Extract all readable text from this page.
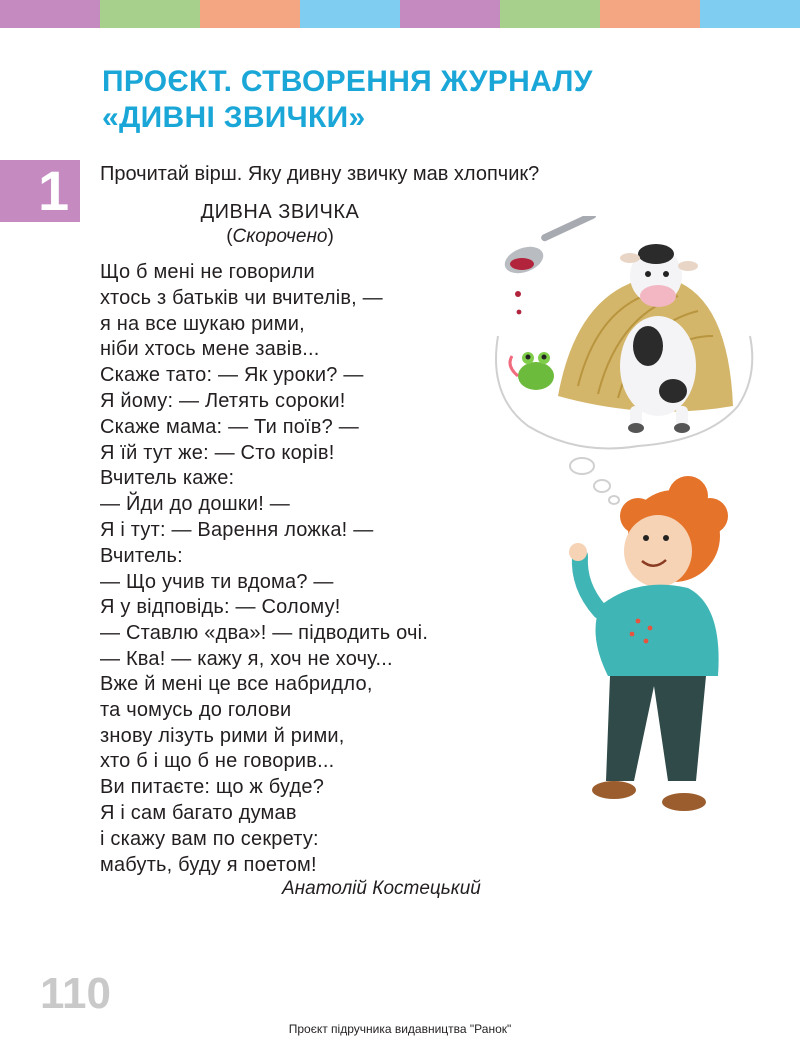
ПРОЄКТ. СТВОРЕННЯ ЖУРНАЛУ
«ДИВНІ ЗВИЧКИ»
1 Прочитай вірш. Яку дивну звичку мав хлопчик?
ДИВНА ЗВИЧКА
(Скорочено)
Що б мені не говорили
хтось з батьків чи вчителів, —
я на все шукаю рими,
ніби хтось мене завів...
Скаже тато: — Як уроки? —
Я йому: — Летять сороки!
Скаже мама: — Ти поїв? —
Я їй тут же: — Сто корів!
Вчитель каже:
— Йди до дошки! —
Я і тут: — Варення ложка! —
Вчитель:
— Що учив ти вдома? —
Я у відповідь: — Солому!
— Ставлю «два»! — підводить очі.
— Ква! — кажу я, хоч не хочу...
Вже й мені це все набридло,
та чомусь до голови
знову лізуть рими й рими,
хто б і що б не говорив...
Ви питаєте: що ж буде?
Я і сам багато думав
і скажу вам по секрету:
мабуть, буду я поетом!
Анатолій Костецький
110
Проєкт підручника видавництва "Ранок"
